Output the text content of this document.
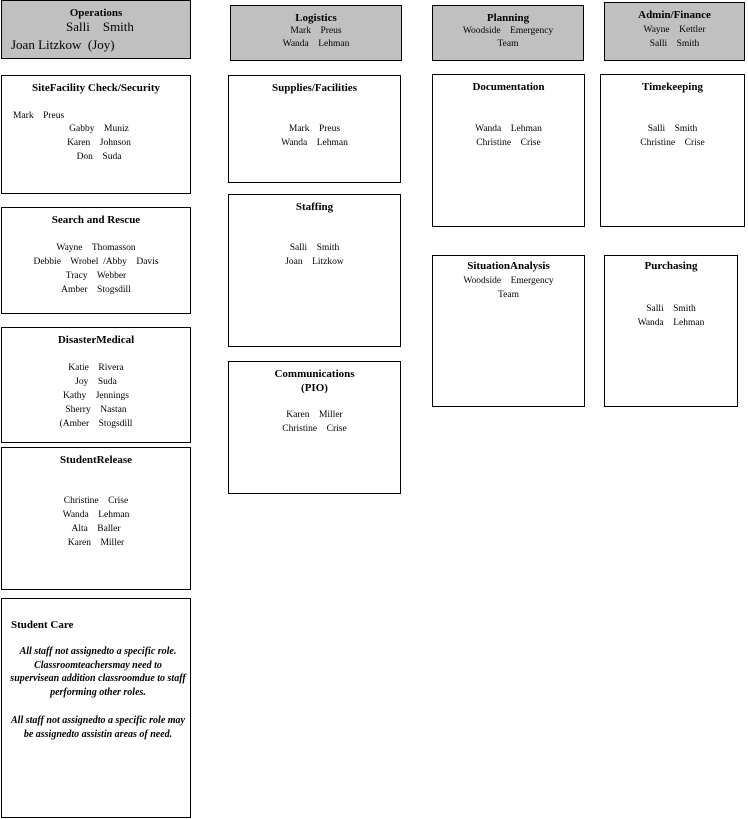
Operations
Salli    Smith
Joan Litzkow  (Joy)
Logistics
Mark    Preus
Wanda    Lehman
Planning
Woodside    Emergency
Team
Admin/Finance
Wayne    Kettler
Salli    Smith
SiteFacility Check/Security
Mark    Preus
Gabby    Muniz
Karen    Johnson
Don    Suda
Search and Rescue
Wayne    Thomasson
Debbie    Wrobel  /Abby    Davis
Tracy    Webber
Amber    Stogsdill
DisasterMedical
Katie    Rivera
Joy    Suda
Kathy    Jennings
Sherry    Nastan
(Amber    Stogsdill
StudentRelease
Christine    Crise
Wanda    Lehman
Alta    Baller
Karen    Miller
Student Care
All staff not assignedto a specific role. Classroomteachersmay need to supervisean addition classroomdue to staff performing other roles.
All staff not assignedto a specific role may be assignedto assistin areas of need.
Supplies/Facilities
Mark    Preus
Wanda    Lehman
Staffing
Salli    Smith
Joan    Litzkow
Communications
(PIO)
Karen    Miller
Christine    Crise
Documentation
Wanda    Lehman
Christine    Crise
SituationAnalysis
Woodside    Emergency
Team
Timekeeping
Salli    Smith
Christine    Crise
Purchasing
Salli    Smith
Wanda    Lehman
